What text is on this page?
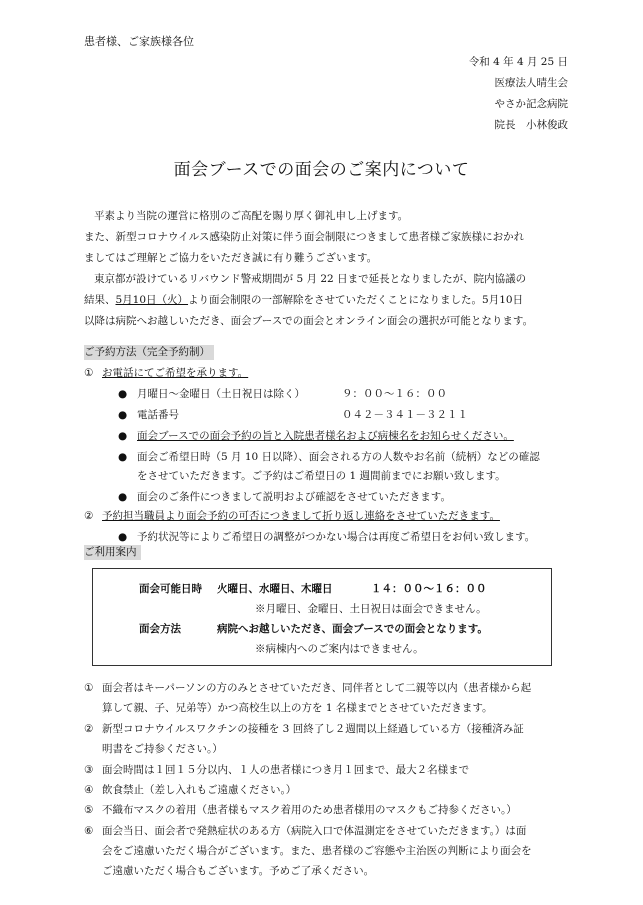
患者様、ご家族様各位
令和 4 年 4 月 25 日
医療法人晴生会
やさか記念病院
院長　小林俊政
面会ブースでの面会のご案内について

平素より当院の運営に格別のご高配を賜り厚く御礼申し上げます。

また、新型コロナウイルス感染防止対策に伴う面会制限につきまして患者様ご家族様におかれ

ましてはご理解とご協力をいただき誠に有り難うございます。

東京都が設けているリバウンド警戒期間が 5 月 22 日まで延長となりましたが、院内協議の

結果、5月10日（火）より面会制限の一部解除をさせていただくことになりました。5月10日

以降は病院へお越しいただき、面会ブースでの面会とオンライン面会の選択が可能となります。

ご予約方法（完全予約制）
① お電話にてご希望を承ります。
● 月曜日～金曜日（土日祝日は除く）	９：００～１６：００
● 電話番号	０４２－３４１－３２１１
● 面会ブースでの面会予約の旨と入院患者様名および病棟名をお知らせください。
● 面会ご希望日時（5 月 10 日以降）、面会される方の人数やお名前（続柄）などの確認
をさせていただきます。ご予約はご希望日の 1 週間前までにお願い致します。
● 面会のご条件につきまして説明および確認をさせていただきます。
② 予約担当職員より面会予約の可否につきまして折り返し連絡をさせていただきます。
● 予約状況等によりご希望日の調整がつかない場合は再度ご希望日をお伺い致します。
ご利用案内
面会可能日時 火曜日、水曜日、木曜日	１４：００～１６：００
※月曜日、金曜日、土日祝日は面会できません。
面会方法	病院へお越しいただき、面会ブースでの面会となります。
※病棟内へのご案内はできません。
① 面会者はキーパーソンの方のみとさせていただき、同伴者として二親等以内（患者様から起
算して親、子、兄弟等）かつ高校生以上の方を 1 名様までとさせていただきます。
② 新型コロナウイルスワクチンの接種を 3 回終了し２週間以上経過している方（接種済み証
明書をご持参ください。）
③ 面会時間は１回１５分以内、１人の患者様につき月１回まで、最大２名様まで
④ 飲食禁止（差し入れもご遠慮ください。）
⑤ 不織布マスクの着用（患者様もマスク着用のため患者様用のマスクもご持参ください。）
⑥ 面会当日、面会者で発熱症状のある方（病院入口で体温測定をさせていただきます。）は面
会をご遠慮いただく場合がございます。また、患者様のご容態や主治医の判断により面会を
ご遠慮いただく場合もございます。予めご了承ください。
